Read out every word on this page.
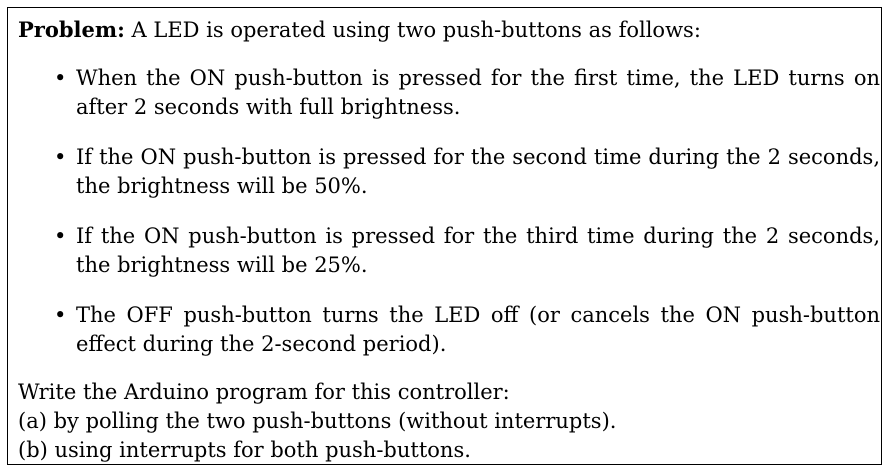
Problem: A LED is operated using two push-buttons as follows:
• When the ON push-button is pressed for the first time, the LED turns on after 2 seconds with full brightness.
• If the ON push-button is pressed for the second time during the 2 seconds, the brightness will be 50%.
• If the ON push-button is pressed for the third time during the 2 seconds, the brightness will be 25%.
• The OFF push-button turns the LED off (or cancels the ON push-button effect during the 2-second period).
Write the Arduino program for this controller:
(a) by polling the two push-buttons (without interrupts).
(b) using interrupts for both push-buttons.
